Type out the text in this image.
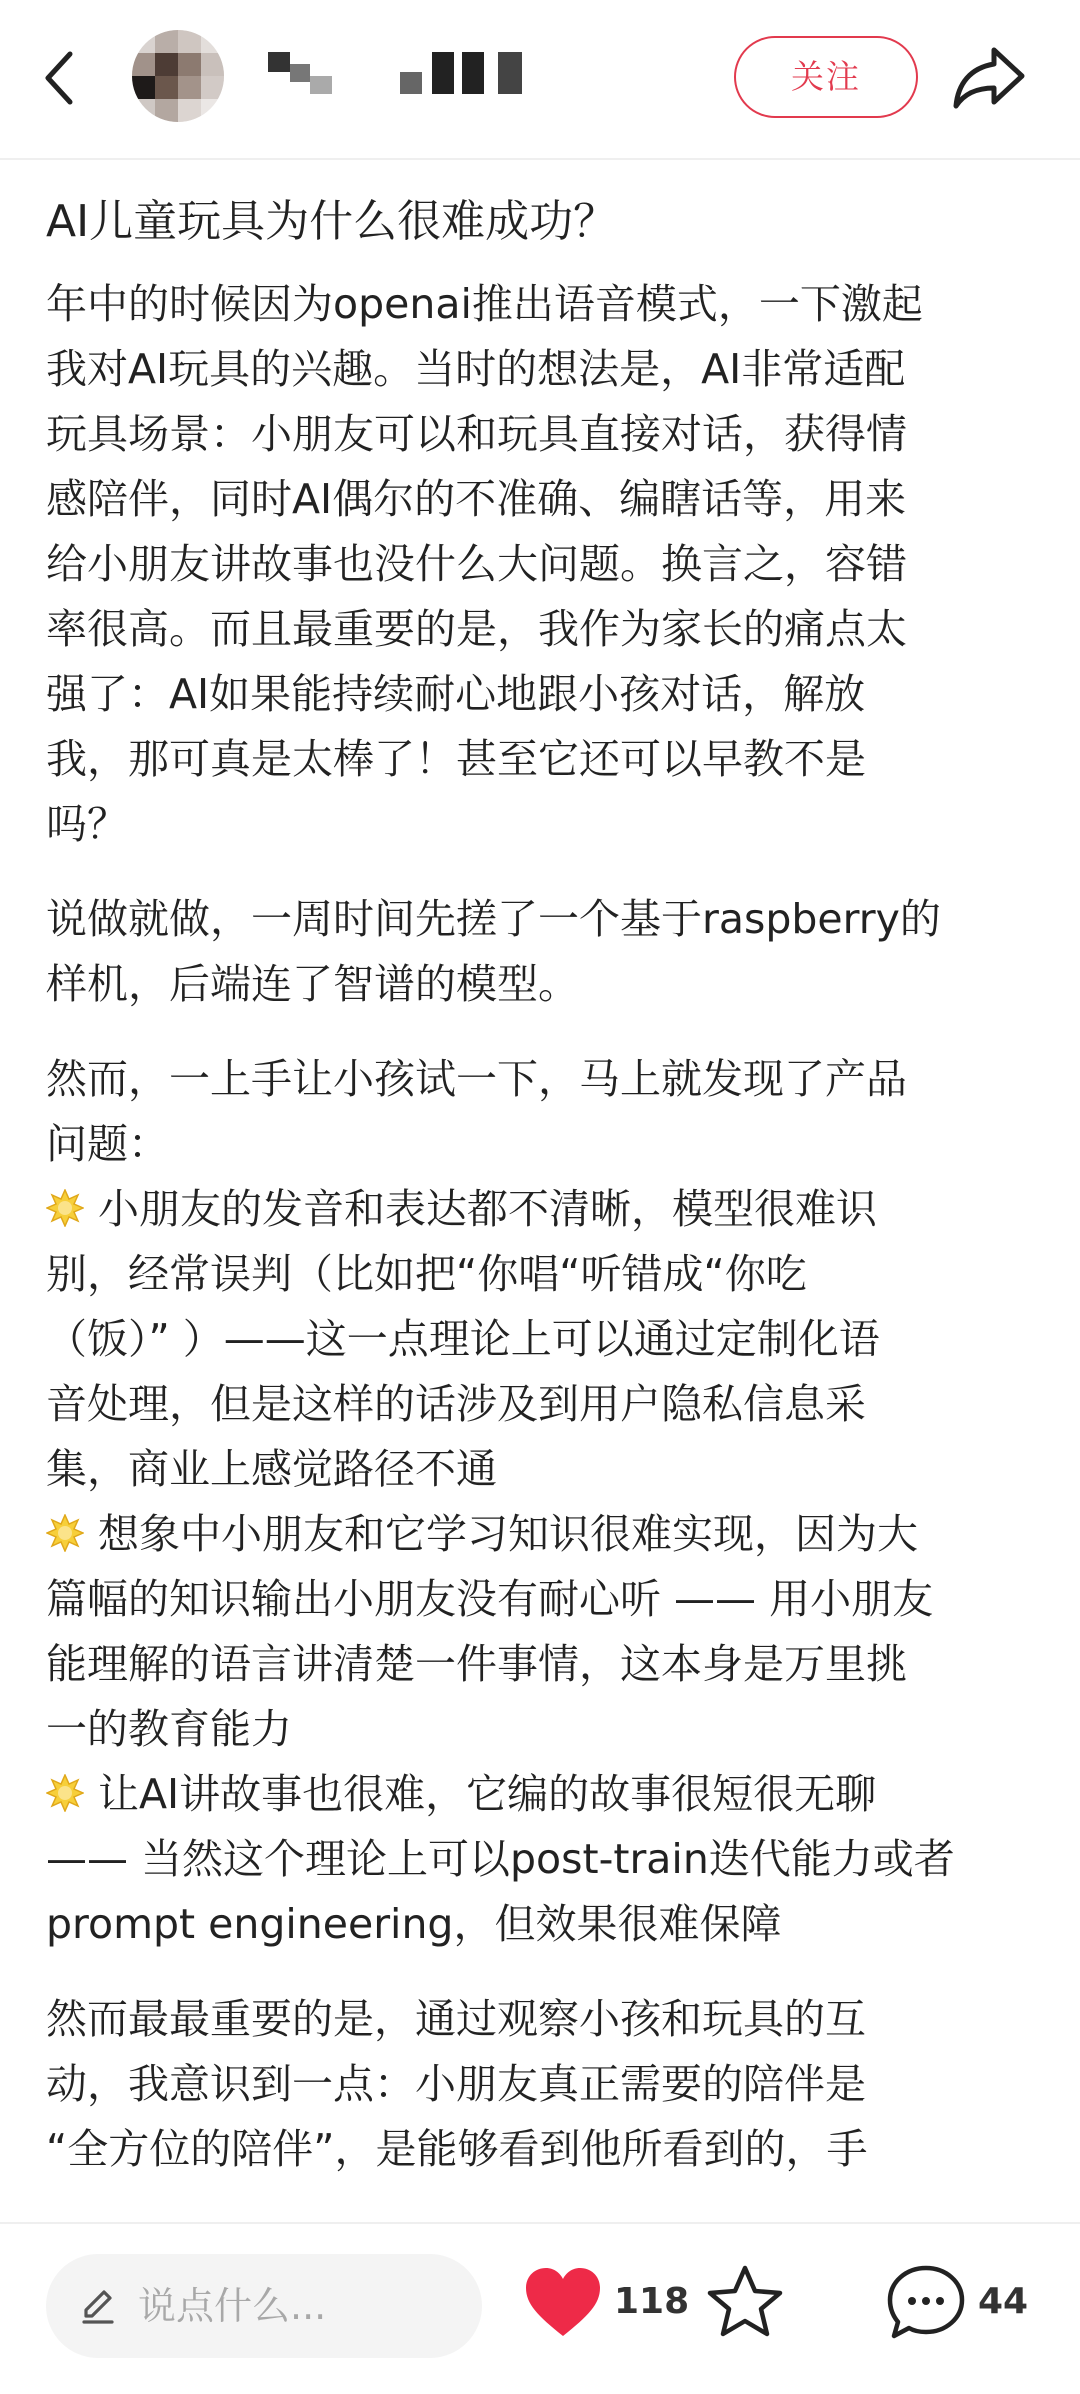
关注
AI儿童玩具为什么很难成功？
年中的时候因为openai推出语音模式，一下激起
我对AI玩具的兴趣。当时的想法是，AI非常适配
玩具场景：小朋友可以和玩具直接对话，获得情
感陪伴，同时AI偶尔的不准确、编瞎话等，用来
给小朋友讲故事也没什么大问题。换言之，容错
率很高。而且最重要的是，我作为家长的痛点太
强了：AI如果能持续耐心地跟小孩对话，解放
我，那可真是太棒了！甚至它还可以早教不是
吗？
说做就做，一周时间先搓了一个基于raspberry的
样机，后端连了智谱的模型。
然而，一上手让小孩试一下，马上就发现了产品
问题：
小朋友的发音和表达都不清晰，模型很难识
别，经常误判（比如把“你唱“听错成“你吃
（饭）” ）——这一点理论上可以通过定制化语
音处理，但是这样的话涉及到用户隐私信息采
集，商业上感觉路径不通
想象中小朋友和它学习知识很难实现，因为大
篇幅的知识输出小朋友没有耐心听 —— 用小朋友
能理解的语言讲清楚一件事情，这本身是万里挑
一的教育能力
让AI讲故事也很难，它编的故事很短很无聊
—— 当然这个理论上可以post-train迭代能力或者
prompt engineering，但效果很难保障
然而最最重要的是，通过观察小孩和玩具的互
动，我意识到一点：小朋友真正需要的陪伴是
“全方位的陪伴”，是能够看到他所看到的，手
说点什么...	118	44
